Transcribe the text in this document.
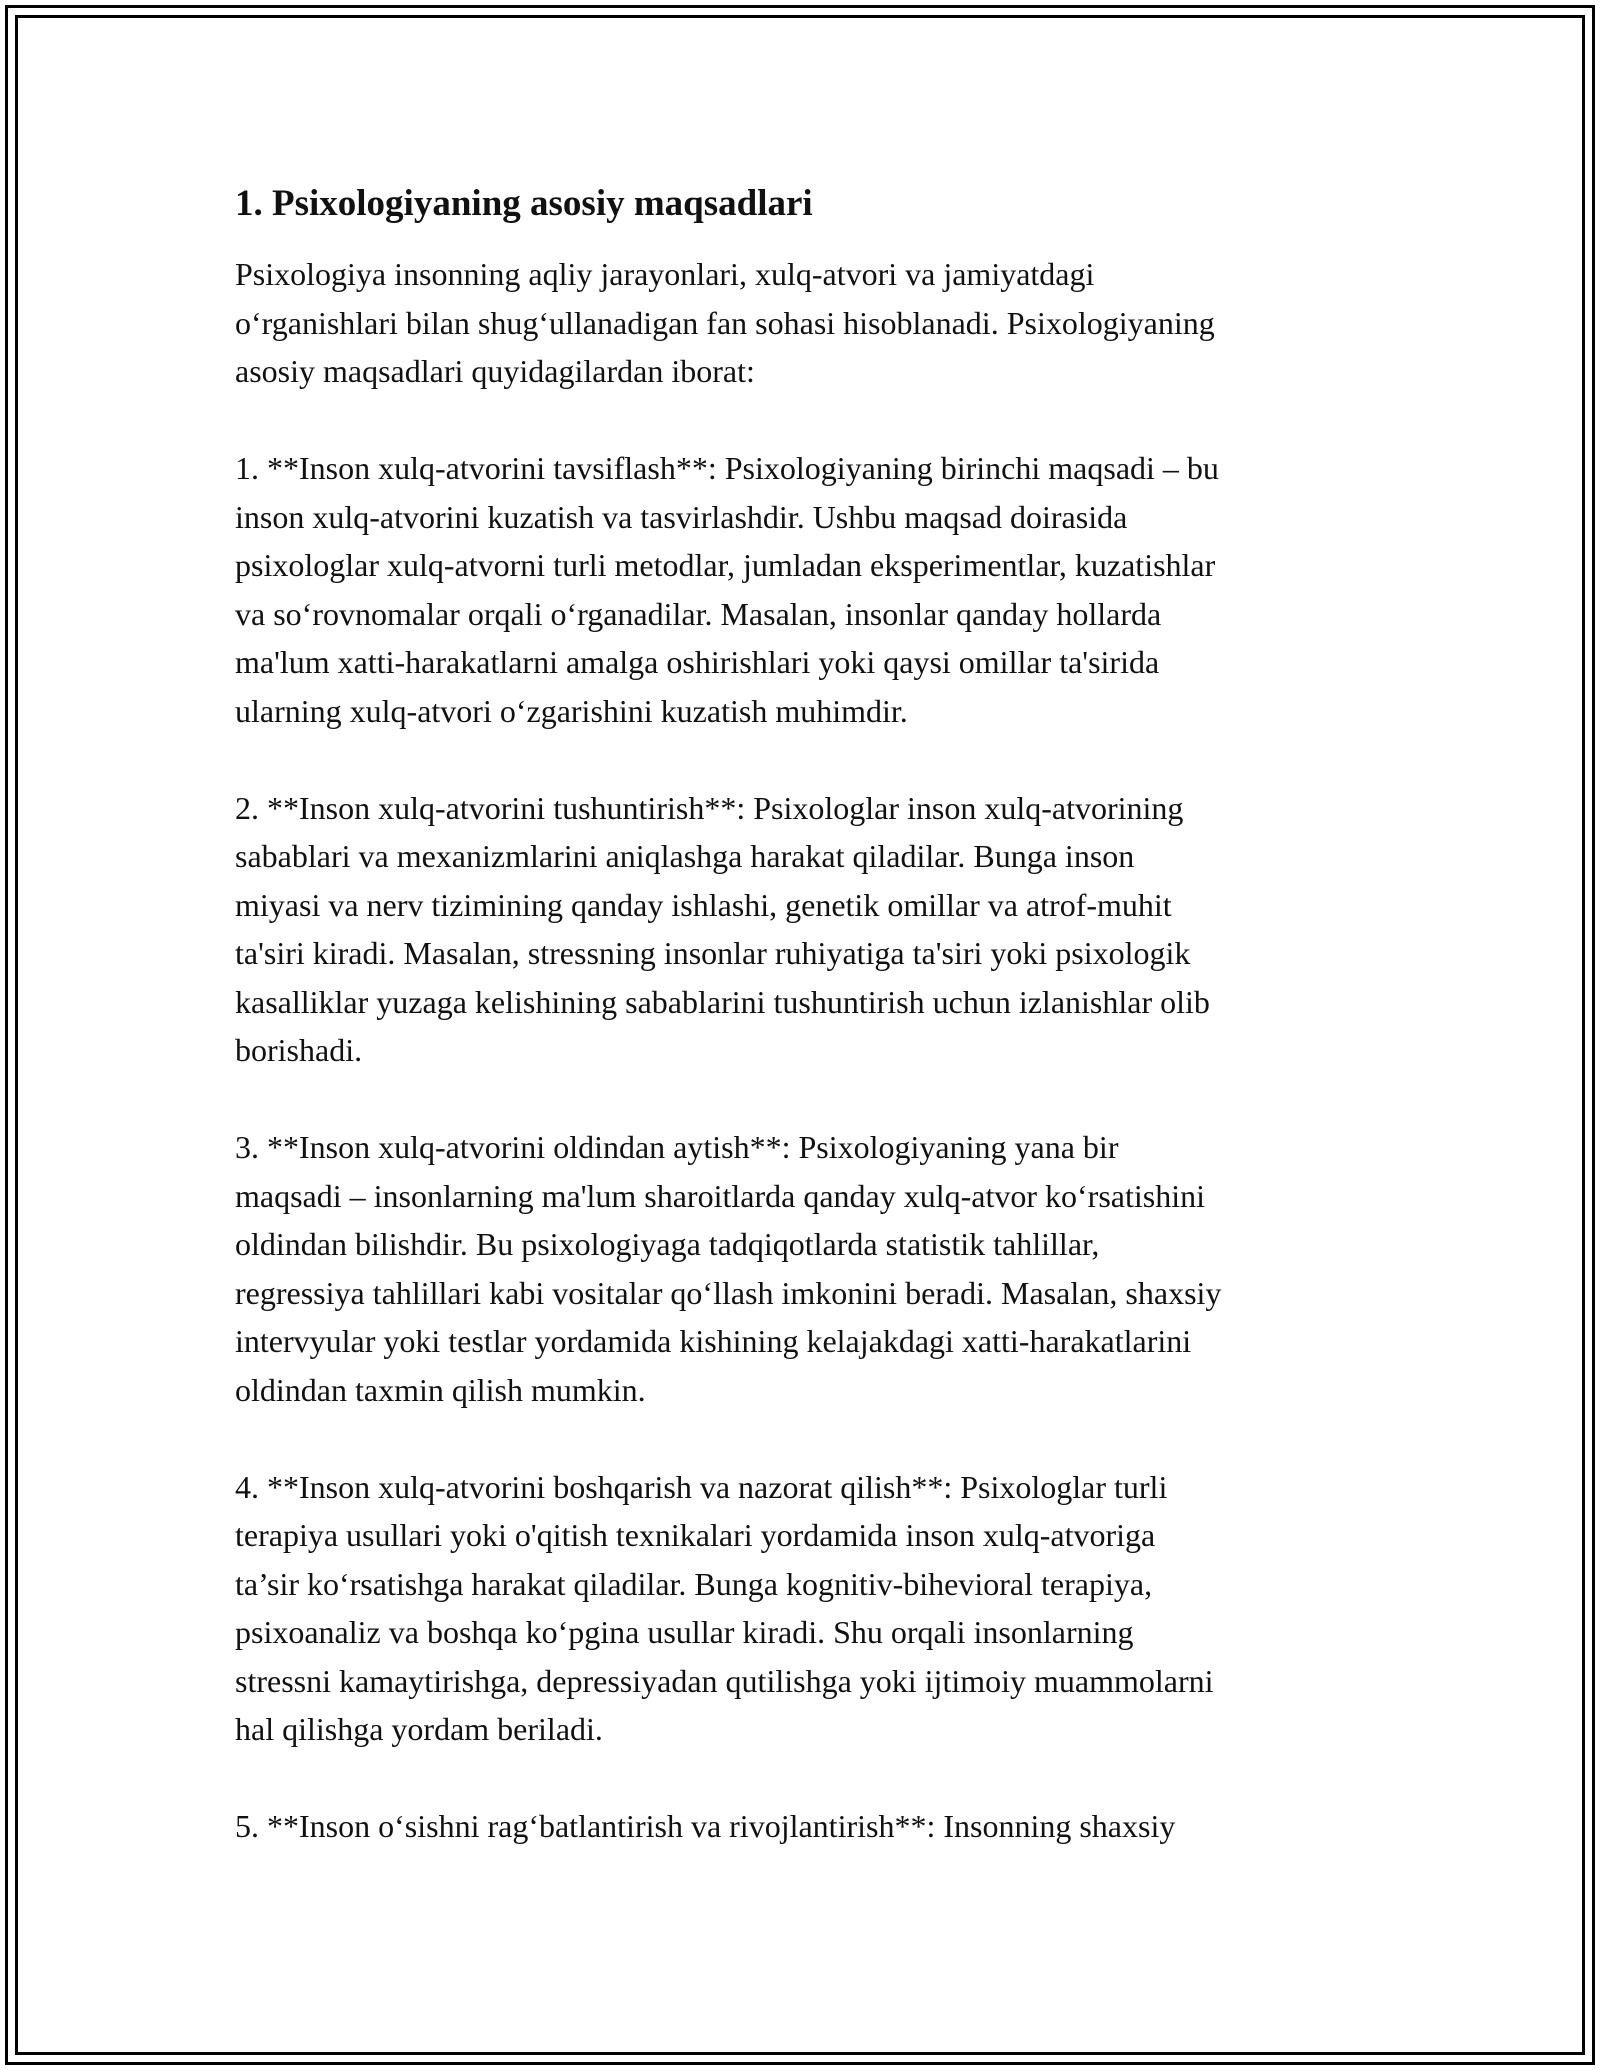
1. Psixologiyaning asosiy maqsadlari
Psixologiya insonning aqliy jarayonlari, xulq-atvori va jamiyatdagi
o‘rganishlari bilan shug‘ullanadigan fan sohasi hisoblanadi. Psixologiyaning
asosiy maqsadlari quyidagilardan iborat:
1. **Inson xulq-atvorini tavsiflash**: Psixologiyaning birinchi maqsadi – bu
inson xulq-atvorini kuzatish va tasvirlashdir. Ushbu maqsad doirasida
psixologlar xulq-atvorni turli metodlar, jumladan eksperimentlar, kuzatishlar
va so‘rovnomalar orqali o‘rganadilar. Masalan, insonlar qanday hollarda
ma'lum xatti-harakatlarni amalga oshirishlari yoki qaysi omillar ta'sirida
ularning xulq-atvori o‘zgarishini kuzatish muhimdir.
2. **Inson xulq-atvorini tushuntirish**: Psixologlar inson xulq-atvorining
sabablari va mexanizmlarini aniqlashga harakat qiladilar. Bunga inson
miyasi va nerv tizimining qanday ishlashi, genetik omillar va atrof-muhit
ta'siri kiradi. Masalan, stressning insonlar ruhiyatiga ta'siri yoki psixologik
kasalliklar yuzaga kelishining sabablarini tushuntirish uchun izlanishlar olib
borishadi.
3. **Inson xulq-atvorini oldindan aytish**: Psixologiyaning yana bir
maqsadi – insonlarning ma'lum sharoitlarda qanday xulq-atvor ko‘rsatishini
oldindan bilishdir. Bu psixologiyaga tadqiqotlarda statistik tahlillar,
regressiya tahlillari kabi vositalar qo‘llash imkonini beradi. Masalan, shaxsiy
intervyular yoki testlar yordamida kishining kelajakdagi xatti-harakatlarini
oldindan taxmin qilish mumkin.
4. **Inson xulq-atvorini boshqarish va nazorat qilish**: Psixologlar turli
terapiya usullari yoki o'qitish texnikalari yordamida inson xulq-atvoriga
ta’sir ko‘rsatishga harakat qiladilar. Bunga kognitiv-bihevioral terapiya,
psixoanaliz va boshqa ko‘pgina usullar kiradi. Shu orqali insonlarning
stressni kamaytirishga, depressiyadan qutilishga yoki ijtimoiy muammolarni
hal qilishga yordam beriladi.
5. **Inson o‘sishni rag‘batlantirish va rivojlantirish**: Insonning shaxsiy
